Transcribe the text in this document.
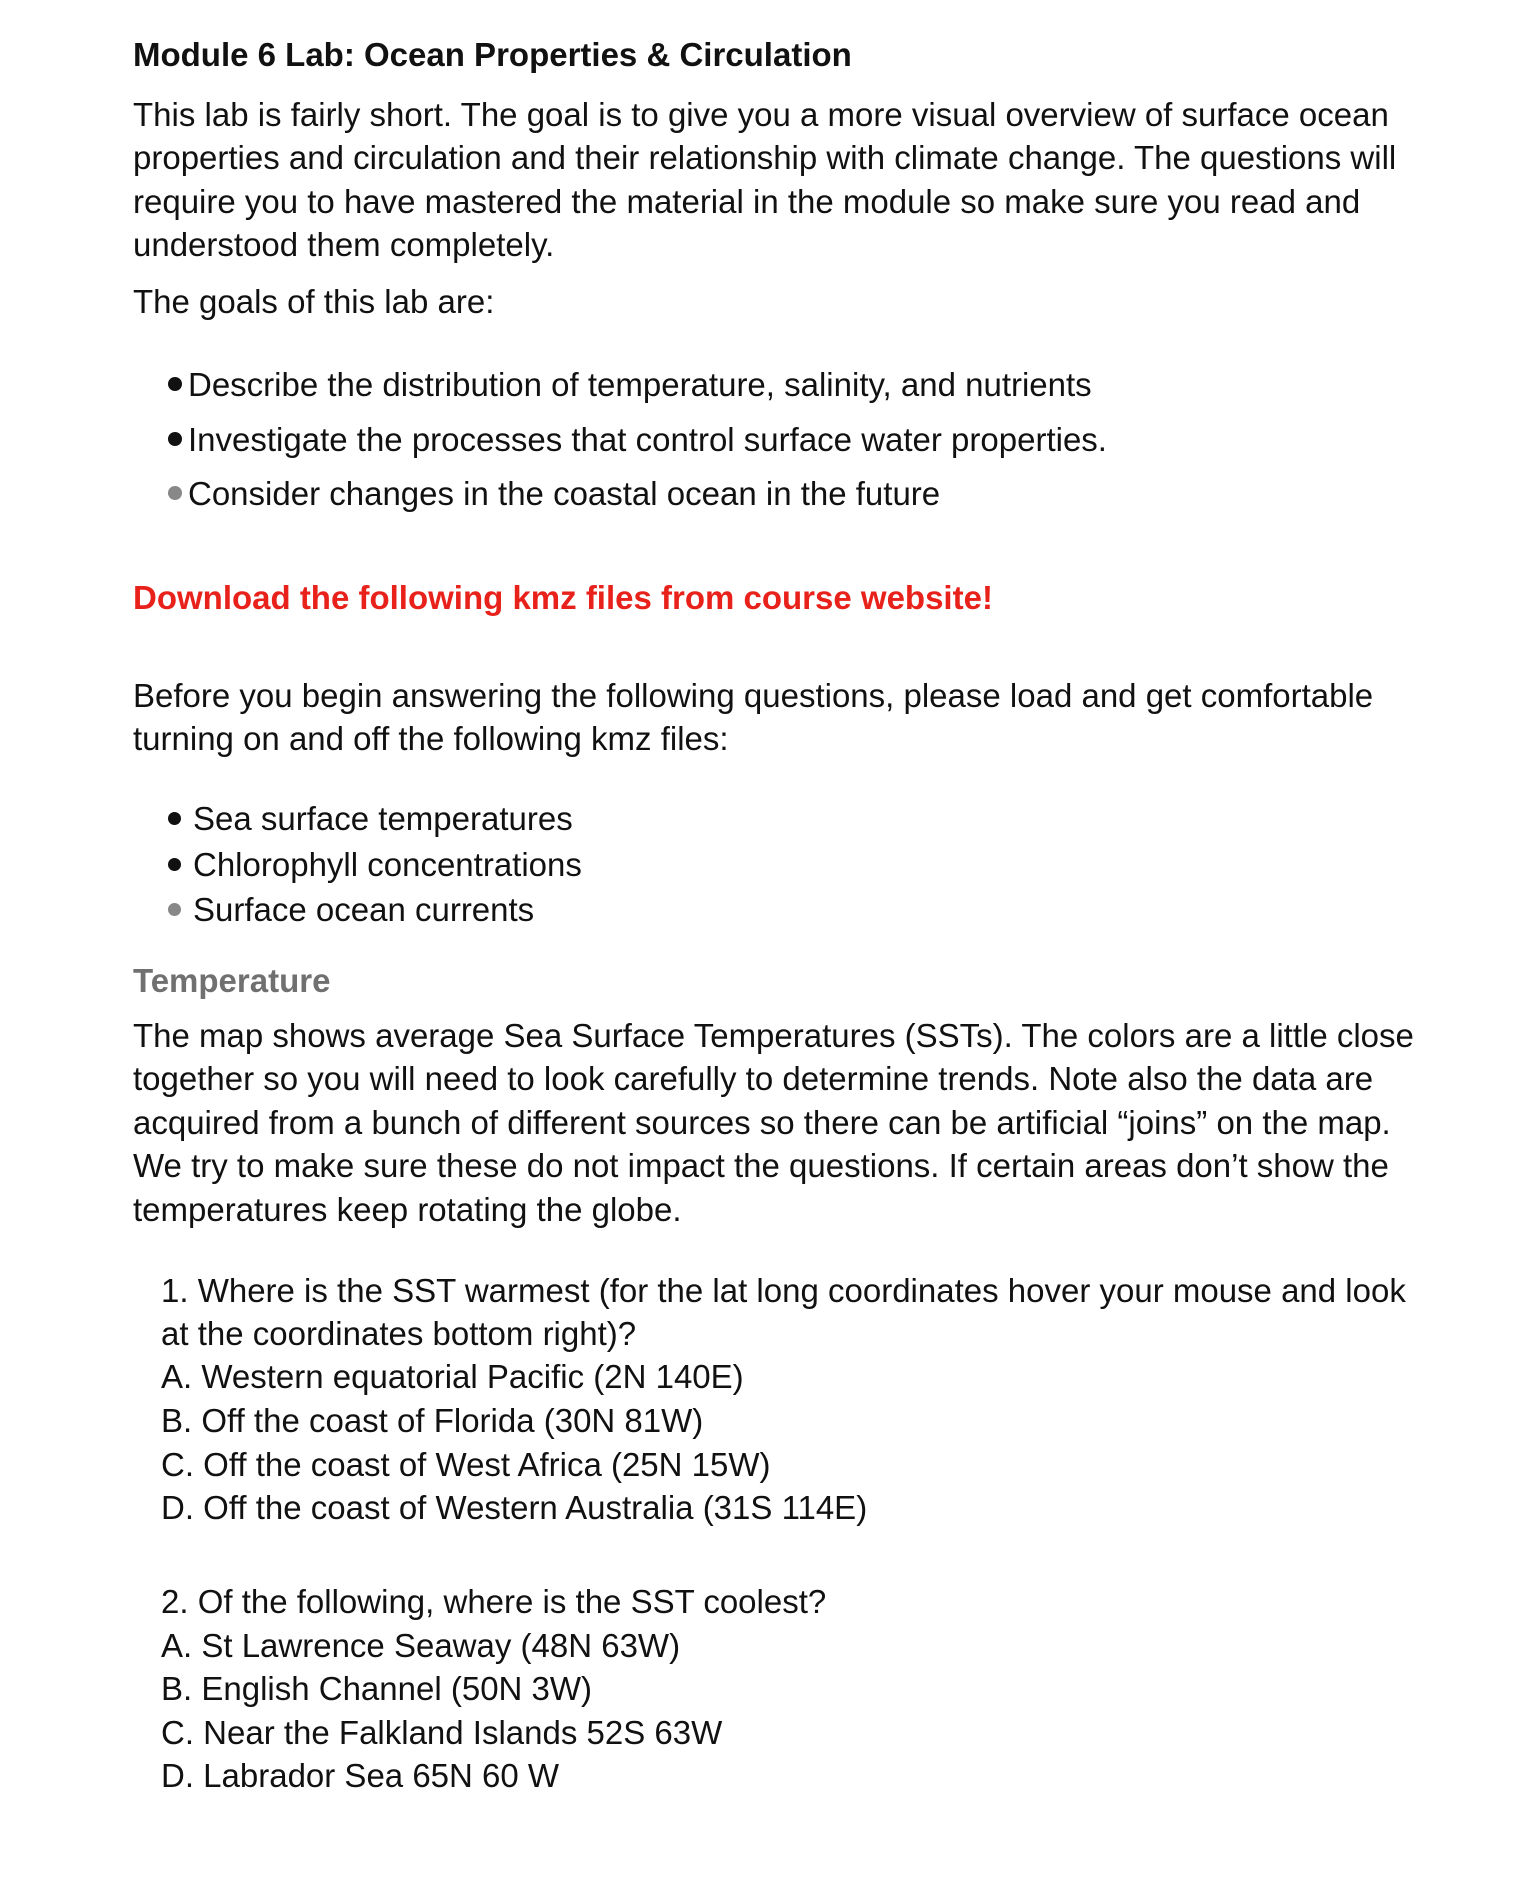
Module 6 Lab: Ocean Properties & Circulation
This lab is fairly short. The goal is to give you a more visual overview of surface ocean
properties and circulation and their relationship with climate change. The questions will
require you to have mastered the material in the module so make sure you read and
understood them completely.
The goals of this lab are:
Describe the distribution of temperature, salinity, and nutrients
Investigate the processes that control surface water properties.
Consider changes in the coastal ocean in the future
Download the following kmz files from course website!
Before you begin answering the following questions, please load and get comfortable
turning on and off the following kmz files:
Sea surface temperatures
Chlorophyll concentrations
Surface ocean currents
Temperature
The map shows average Sea Surface Temperatures (SSTs). The colors are a little close
together so you will need to look carefully to determine trends. Note also the data are
acquired from a bunch of different sources so there can be artificial “joins” on the map.
We try to make sure these do not impact the questions. If certain areas don’t show the
temperatures keep rotating the globe.
1. Where is the SST warmest (for the lat long coordinates hover your mouse and look
at the coordinates bottom right)?
A. Western equatorial Pacific (2N 140E)
B. Off the coast of Florida (30N 81W)
C. Off the coast of West Africa (25N 15W)
D. Off the coast of Western Australia (31S 114E)
2. Of the following, where is the SST coolest?
A. St Lawrence Seaway (48N 63W)
B. English Channel (50N 3W)
C. Near the Falkland Islands 52S 63W
D. Labrador Sea 65N 60 W
